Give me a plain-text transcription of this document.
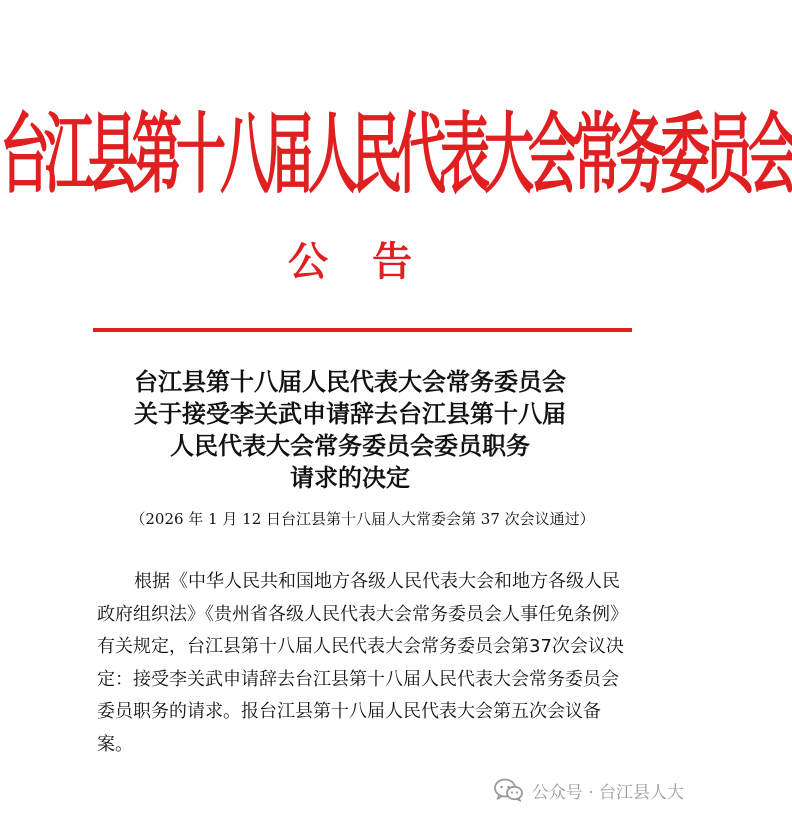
台江县第十八届人民代表大会常务委员会
公告
台江县第十八届人民代表大会常务委员会
关于接受李关武申请辞去台江县第十八届
人民代表大会常务委员会委员职务
请求的决定
（2026 年 1 月 12 日台江县第十八届人大常委会第 37 次会议通过）
根据《中华人民共和国地方各级人民代表大会和地方各级人民
政府组织法》《贵州省各级人民代表大会常务委员会人事任免条例》
有关规定，台江县第十八届人民代表大会常务委员会第37次会议决
定：接受李关武申请辞去台江县第十八届人民代表大会常务委员会
委员职务的请求。报台江县第十八届人民代表大会第五次会议备
案。
公众号 · 台江县人大
